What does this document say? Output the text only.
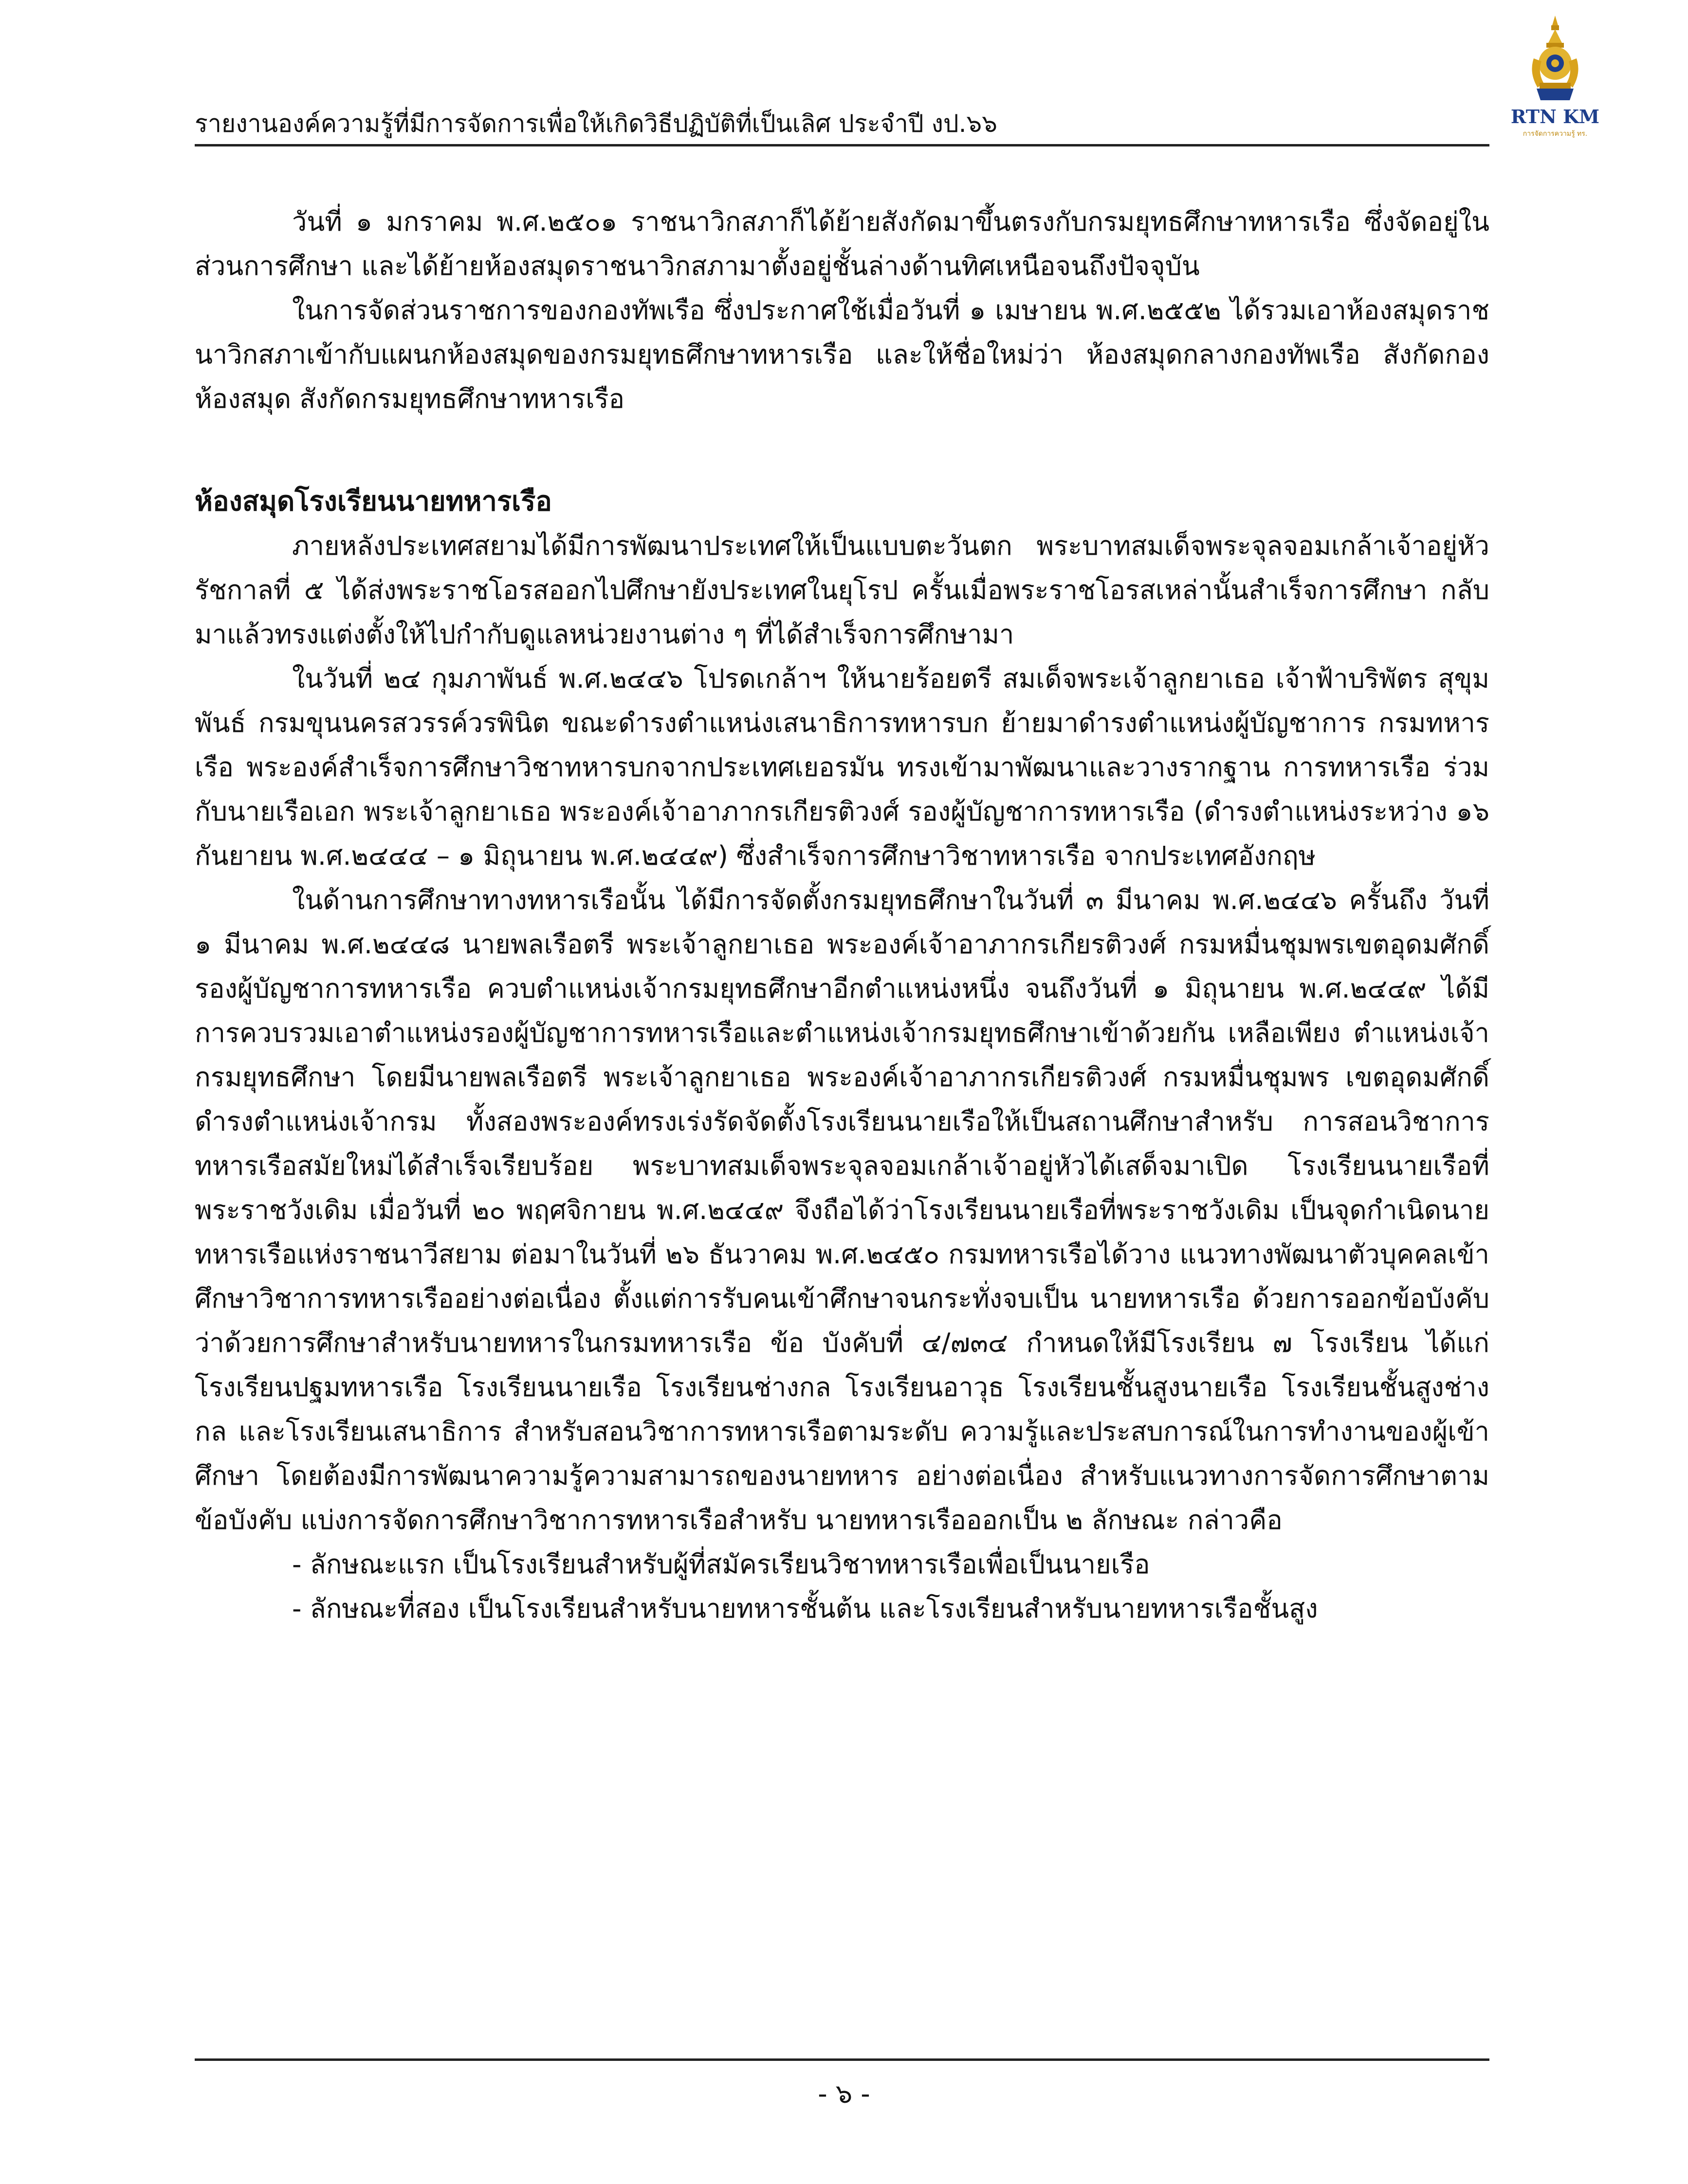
รายงานองค์ความรู้ที่มีการจัดการเพื่อให้เกิดวิธีปฏิบัติที่เป็นเลิศ ประจำปี งป.๖๖	RTN KM
การจัดการความรู้ ทร.

วันที่ ๑ มกราคม พ.ศ.๒๕๐๑ ราชนาวิกสภาก็ได้ย้ายสังกัดมาขึ้นตรงกับกรมยุทธศึกษาทหารเรือ ซึ่งจัดอยู่ในส่วนการศึกษา และได้ย้ายห้องสมุดราชนาวิกสภามาตั้งอยู่ชั้นล่างด้านทิศเหนือจนถึงปัจจุบัน

ในการจัดส่วนราชการของกองทัพเรือ ซึ่งประกาศใช้เมื่อวันที่ ๑ เมษายน พ.ศ.๒๕๕๒ ได้รวมเอาห้องสมุดราชนาวิกสภาเข้ากับแผนกห้องสมุดของกรมยุทธศึกษาทหารเรือ และให้ชื่อใหม่ว่า ห้องสมุดกลางกองทัพเรือ สังกัดกองห้องสมุด สังกัดกรมยุทธศึกษาทหารเรือ

ห้องสมุดโรงเรียนนายทหารเรือ

ภายหลังประเทศสยามได้มีการพัฒนาประเทศให้เป็นแบบตะวันตก พระบาทสมเด็จพระจุลจอมเกล้าเจ้าอยู่หัว รัชกาลที่ ๕ ได้ส่งพระราชโอรสออกไปศึกษายังประเทศในยุโรป ครั้นเมื่อพระราชโอรสเหล่านั้นสำเร็จการศึกษา กลับมาแล้วทรงแต่งตั้งให้ไปกำกับดูแลหน่วยงานต่าง ๆ ที่ได้สำเร็จการศึกษามา

ในวันที่ ๒๔ กุมภาพันธ์ พ.ศ.๒๔๔๖ โปรดเกล้าฯ ให้นายร้อยตรี สมเด็จพระเจ้าลูกยาเธอ เจ้าฟ้าบริพัตร สุขุมพันธ์ กรมขุนนครสวรรค์วรพินิต ขณะดำรงตำแหน่งเสนาธิการทหารบก ย้ายมาดำรงตำแหน่งผู้บัญชาการ กรมทหารเรือ พระองค์สำเร็จการศึกษาวิชาทหารบกจากประเทศเยอรมัน ทรงเข้ามาพัฒนาและวางรากฐาน การทหารเรือ ร่วมกับนายเรือเอก พระเจ้าลูกยาเธอ พระองค์เจ้าอาภากรเกียรติวงศ์ รองผู้บัญชาการทหารเรือ (ดำรงตำแหน่งระหว่าง ๑๖ กันยายน พ.ศ.๒๔๔๔ – ๑ มิถุนายน พ.ศ.๒๔๔๙) ซึ่งสำเร็จการศึกษาวิชาทหารเรือ จากประเทศอังกฤษ

ในด้านการศึกษาทางทหารเรือนั้น ได้มีการจัดตั้งกรมยุทธศึกษาในวันที่ ๓ มีนาคม พ.ศ.๒๔๔๖ ครั้นถึง วันที่ ๑ มีนาคม พ.ศ.๒๔๔๘ นายพลเรือตรี พระเจ้าลูกยาเธอ พระองค์เจ้าอาภากรเกียรติวงศ์ กรมหมื่นชุมพรเขตอุดมศักดิ์ รองผู้บัญชาการทหารเรือ ควบตำแหน่งเจ้ากรมยุทธศึกษาอีกตำแหน่งหนึ่ง จนถึงวันที่ ๑ มิถุนายน พ.ศ.๒๔๔๙ ได้มีการควบรวมเอาตำแหน่งรองผู้บัญชาการทหารเรือและตำแหน่งเจ้ากรมยุทธศึกษาเข้าด้วยกัน เหลือเพียง ตำแหน่งเจ้ากรมยุทธศึกษา โดยมีนายพลเรือตรี พระเจ้าลูกยาเธอ พระองค์เจ้าอาภากรเกียรติวงศ์ กรมหมื่นชุมพร เขตอุดมศักดิ์ ดำรงตำแหน่งเจ้ากรม ทั้งสองพระองค์ทรงเร่งรัดจัดตั้งโรงเรียนนายเรือให้เป็นสถานศึกษาสำหรับ การสอนวิชาการทหารเรือสมัยใหม่ได้สำเร็จเรียบร้อย พระบาทสมเด็จพระจุลจอมเกล้าเจ้าอยู่หัวได้เสด็จมาเปิด โรงเรียนนายเรือที่พระราชวังเดิม เมื่อวันที่ ๒๐ พฤศจิกายน พ.ศ.๒๔๔๙ จึงถือได้ว่าโรงเรียนนายเรือที่พระราชวังเดิม เป็นจุดกำเนิดนายทหารเรือแห่งราชนาวีสยาม ต่อมาในวันที่ ๒๖ ธันวาคม พ.ศ.๒๔๕๐ กรมทหารเรือได้วาง แนวทางพัฒนาตัวบุคคลเข้าศึกษาวิชาการทหารเรืออย่างต่อเนื่อง ตั้งแต่การรับคนเข้าศึกษาจนกระทั่งจบเป็น นายทหารเรือ ด้วยการออกข้อบังคับว่าด้วยการศึกษาสำหรับนายทหารในกรมทหารเรือ ข้อ บังคับที่ ๔/๗๓๔ กำหนดให้มีโรงเรียน ๗ โรงเรียน ได้แก่ โรงเรียนปฐมทหารเรือ โรงเรียนนายเรือ โรงเรียนช่างกล โรงเรียนอาวุธ โรงเรียนชั้นสูงนายเรือ โรงเรียนชั้นสูงช่างกล และโรงเรียนเสนาธิการ สำหรับสอนวิชาการทหารเรือตามระดับ ความรู้และประสบการณ์ในการทำงานของผู้เข้าศึกษา โดยต้องมีการพัฒนาความรู้ความสามารถของนายทหาร อย่างต่อเนื่อง สำหรับแนวทางการจัดการศึกษาตามข้อบังคับ แบ่งการจัดการศึกษาวิชาการทหารเรือสำหรับ นายทหารเรือออกเป็น ๒ ลักษณะ กล่าวคือ

- ลักษณะแรก เป็นโรงเรียนสำหรับผู้ที่สมัครเรียนวิชาทหารเรือเพื่อเป็นนายเรือ

- ลักษณะที่สอง เป็นโรงเรียนสำหรับนายทหารชั้นต้น และโรงเรียนสำหรับนายทหารเรือชั้นสูง

- ๖ -
